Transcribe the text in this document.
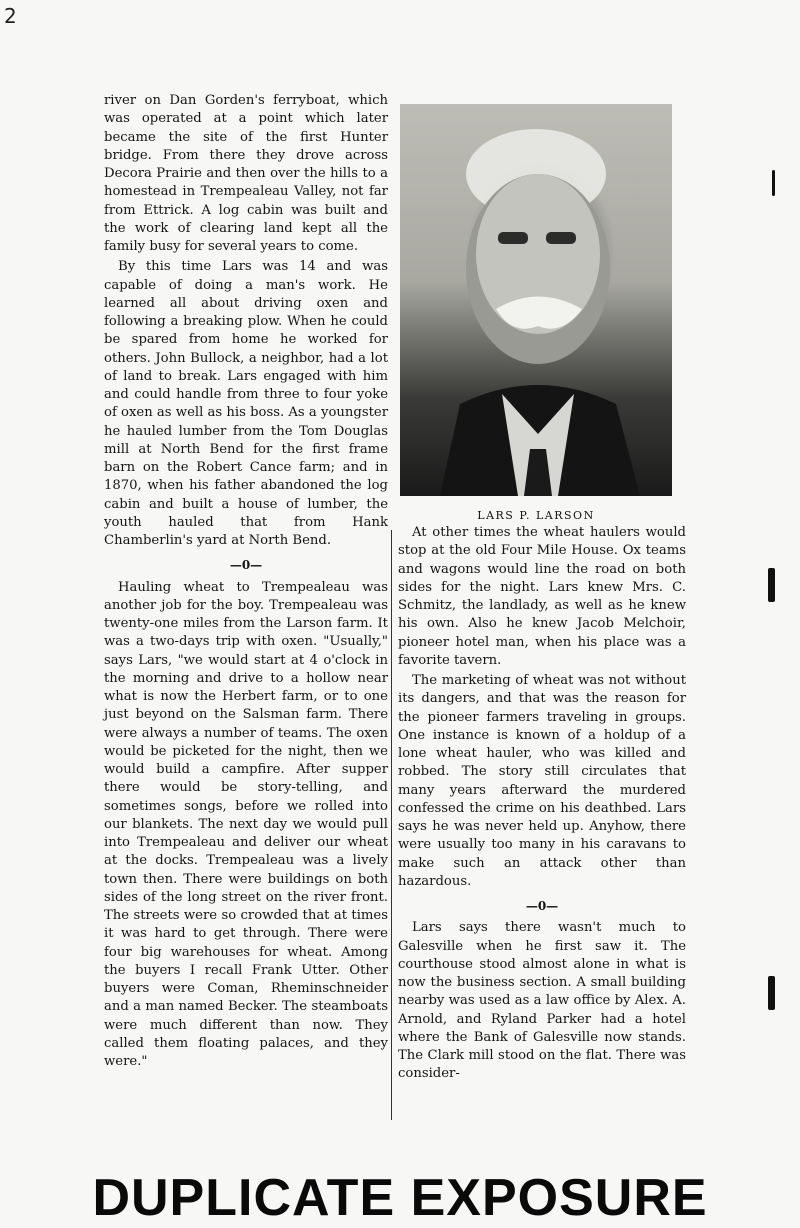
2

river on Dan Gorden's ferryboat, which was operated at a point which later became the site of the first Hunter bridge. From there they drove across Decora Prairie and then over the hills to a homestead in Trempealeau Valley, not far from Ettrick. A log cabin was built and the work of clearing land kept all the family busy for several years to come.

By this time Lars was 14 and was capable of doing a man's work. He learned all about driving oxen and following a breaking plow. When he could be spared from home he worked for others. John Bullock, a neighbor, had a lot of land to break. Lars engaged with him and could handle from three to four yoke of oxen as well as his boss. As a youngster he hauled lumber from the Tom Douglas mill at North Bend for the first frame barn on the Robert Cance farm; and in 1870, when his father abandoned the log cabin and built a house of lumber, the youth hauled that from Hank Chamberlin's yard at North Bend.

—0—

Hauling wheat to Trempealeau was another job for the boy. Trempealeau was twenty-one miles from the Larson farm. It was a two-days trip with oxen. "Usually," says Lars, "we would start at 4 o'clock in the morning and drive to a hollow near what is now the Herbert farm, or to one just beyond on the Salsman farm. There were always a number of teams. The oxen would be picketed for the night, then we would build a campfire. After supper there would be story-telling, and sometimes songs, before we rolled into our blankets. The next day we would pull into Trempealeau and deliver our wheat at the docks. Trempealeau was a lively town then. There were buildings on both sides of the long street on the river front. The streets were so crowded that at times it was hard to get through. There were four big warehouses for wheat. Among the buyers I recall Frank Utter. Other buyers were Coman, Rheminschneider and a man named Becker. The steamboats were much different than now. They called them floating palaces, and they were."

LARS P. LARSON

At other times the wheat haulers would stop at the old Four Mile House. Ox teams and wagons would line the road on both sides for the night. Lars knew Mrs. C. Schmitz, the landlady, as well as he knew his own. Also he knew Jacob Melchoir, pioneer hotel man, when his place was a favorite tavern.

The marketing of wheat was not without its dangers, and that was the reason for the pioneer farmers traveling in groups. One instance is known of a holdup of a lone wheat hauler, who was killed and robbed. The story still circulates that many years afterward the murdered confessed the crime on his deathbed. Lars says he was never held up. Anyhow, there were usually too many in his caravans to make such an attack other than hazardous.

—0—

Lars says there wasn't much to Galesville when he first saw it. The courthouse stood almost alone in what is now the business section. A small building nearby was used as a law office by Alex. A. Arnold, and Ryland Parker had a hotel where the Bank of Galesville now stands. The Clark mill stood on the flat. There was consider-

DUPLICATE EXPOSURE
